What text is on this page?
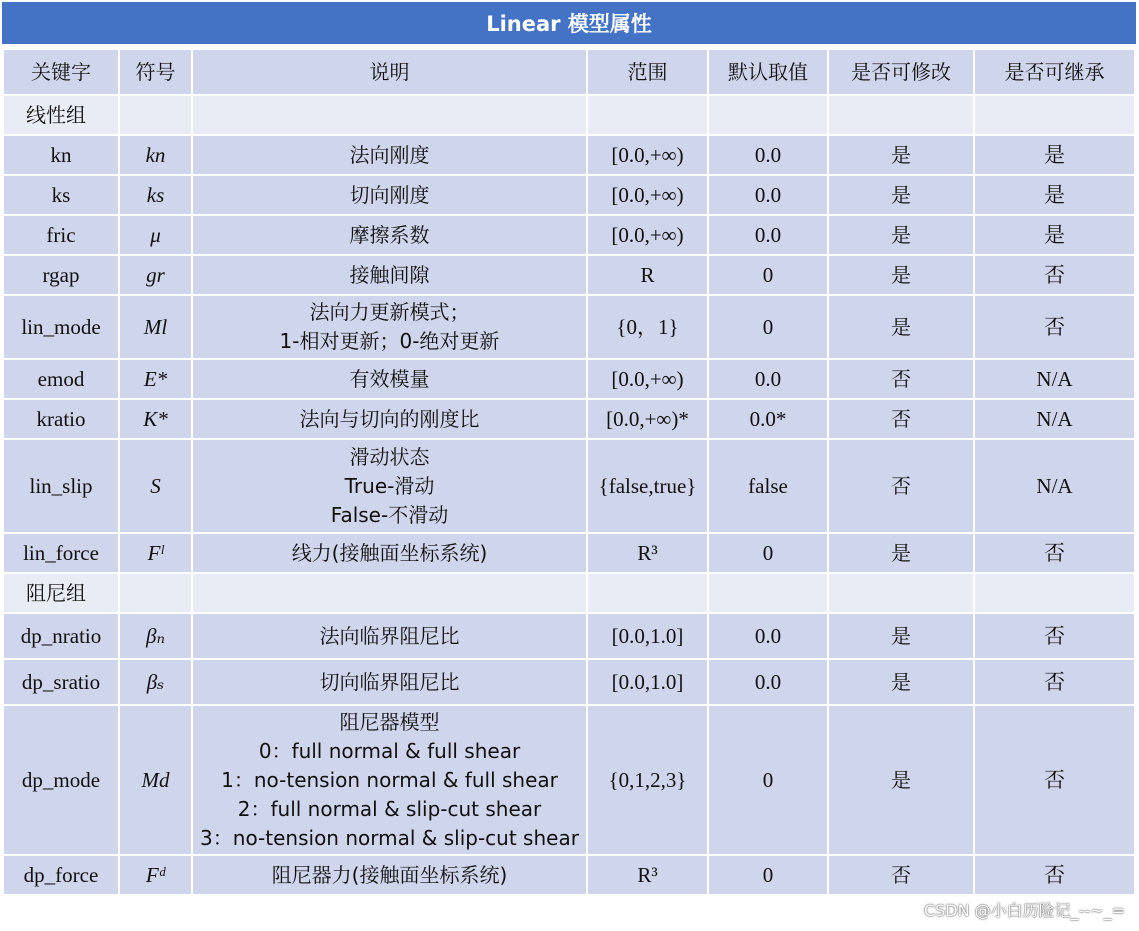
Linear 模型属性
关键字	符号	说明	范围	默认取值	是否可修改	是否可继承
线性组						
kn	kn	法向刚度	[0.0,+∞)	0.0	是	是
ks	ks	切向刚度	[0.0,+∞)	0.0	是	是
fric	μ	摩擦系数	[0.0,+∞)	0.0	是	是
rgap	gr	接触间隙	R	0	是	否
lin_mode	Ml	法向力更新模式；
1-相对更新；0-绝对更新	{0，1}	0	是	否
emod	E*	有效模量	[0.0,+∞)	0.0	否	N/A
kratio	K*	法向与切向的刚度比	[0.0,+∞)*	0.0*	否	N/A
lin_slip	S	滑动状态
True-滑动
False-不滑动	{false,true}	false	否	N/A
lin_force	Fˡ	线力(接触面坐标系统)	R³	0	是	否
阻尼组						
dp_nratio	βₙ	法向临界阻尼比	[0.0,1.0]	0.0	是	否
dp_sratio	βₛ	切向临界阻尼比	[0.0,1.0]	0.0	是	否
dp_mode	Md	阻尼器模型
0：full normal & full shear
1：no-tension normal & full shear
2：full normal & slip-cut shear
3：no-tension normal & slip-cut shear	{0,1,2,3}	0	是	否
dp_force	Fᵈ	阻尼器力(接触面坐标系统)	R³	0	否	否
CSDN @小白历险记_--~_=
